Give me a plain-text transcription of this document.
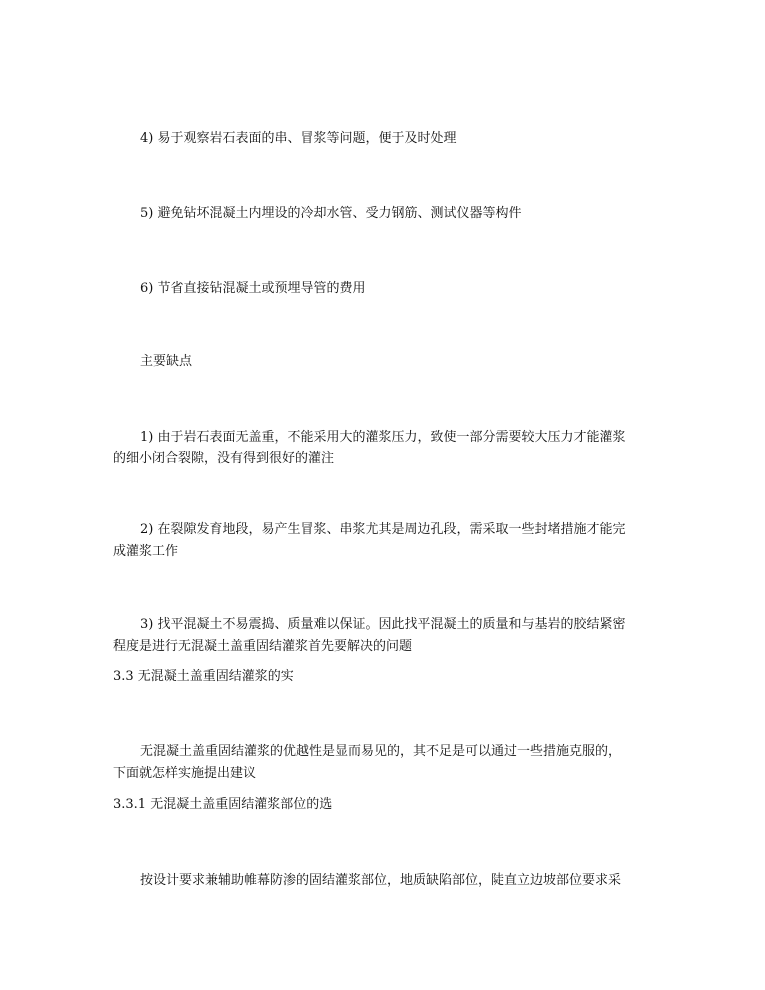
4) 易于观察岩石表面的串、冒浆等问题，便于及时处理
5) 避免钻坏混凝土内埋设的冷却水管、受力钢筋、测试仪器等构件
6) 节省直接钻混凝土或预埋导管的费用
主要缺点
1) 由于岩石表面无盖重，不能采用大的灌浆压力，致使一部分需要较大压力才能灌浆
的细小闭合裂隙，没有得到很好的灌注
2) 在裂隙发育地段，易产生冒浆、串浆尤其是周边孔段，需采取一些封堵措施才能完
成灌浆工作
3) 找平混凝土不易震捣、质量难以保证。因此找平混凝土的质量和与基岩的胶结紧密
程度是进行无混凝土盖重固结灌浆首先要解决的问题
3.3 无混凝土盖重固结灌浆的实
无混凝土盖重固结灌浆的优越性是显而易见的，其不足是可以通过一些措施克服的，
下面就怎样实施提出建议
3.3.1 无混凝土盖重固结灌浆部位的选
按设计要求兼辅助帷幕防渗的固结灌浆部位，地质缺陷部位，陡直立边坡部位要求采
